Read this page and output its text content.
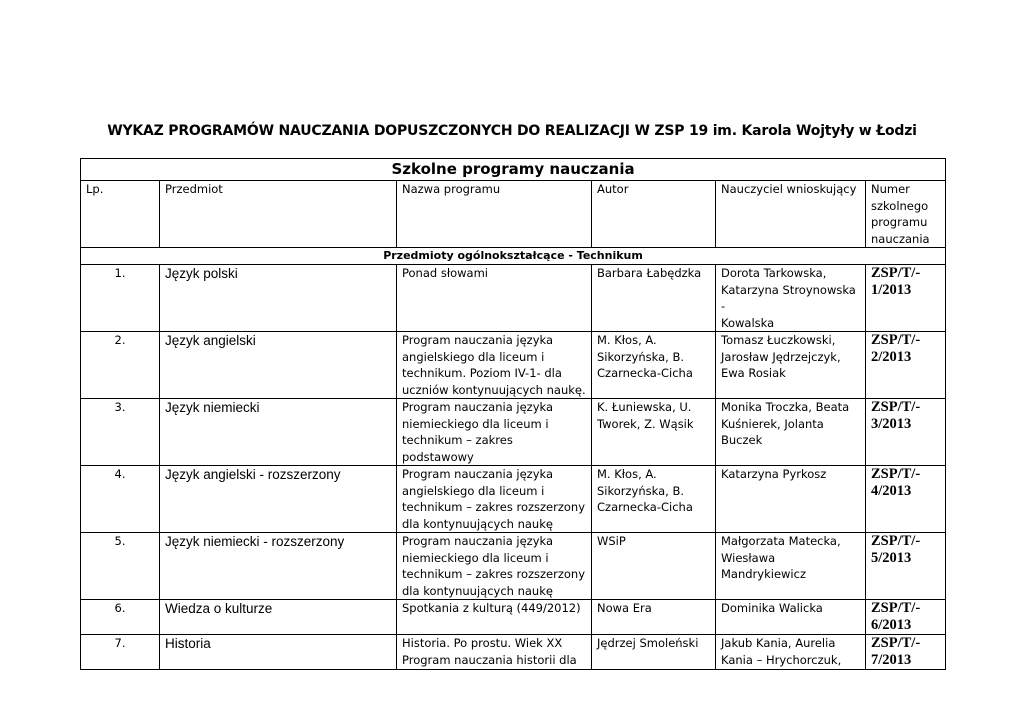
WYKAZ PROGRAMÓW NAUCZANIA DOPUSZCZONYCH DO REALIZACJI W ZSP 19 im. Karola Wojtyły w Łodzi
Szkolne programy nauczania					
Lp.	Przedmiot	Nazwa programu	Autor	Nauczyciel wnioskujący	Numer
szkolnego
programu
nauczania
Przedmioty ogólnokształcące - Technikum					
1.	Język polski	Ponad słowami	Barbara Łabędzka	Dorota Tarkowska,
Katarzyna Stroynowska -
Kowalska	ZSP/T/-
1/2013
2.	Język angielski	Program nauczania języka
angielskiego dla liceum i
technikum. Poziom IV-1- dla
uczniów kontynuujących naukę.	M. Kłos, A.
Sikorzyńska, B.
Czarnecka-Cicha	Tomasz Łuczkowski,
Jarosław Jędrzejczyk,
Ewa Rosiak	ZSP/T/-
2/2013
3.	Język niemiecki	Program nauczania języka
niemieckiego dla liceum i
technikum – zakres podstawowy	K. Łuniewska, U.
Tworek, Z. Wąsik	Monika Troczka, Beata
Kuśnierek, Jolanta
Buczek	ZSP/T/-
3/2013
4.	Język angielski - rozszerzony	Program nauczania języka
angielskiego dla liceum i
technikum – zakres rozszerzony
dla kontynuujących naukę	M. Kłos, A.
Sikorzyńska, B.
Czarnecka-Cicha	Katarzyna Pyrkosz	ZSP/T/-
4/2013
5.	Język niemiecki - rozszerzony	Program nauczania języka
niemieckiego dla liceum i
technikum – zakres rozszerzony
dla kontynuujących naukę	WSiP	Małgorzata Matecka,
Wiesława
Mandrykiewicz	ZSP/T/-
5/2013
6.	Wiedza o kulturze	Spotkania z kulturą (449/2012)	Nowa Era	Dominika Walicka	ZSP/T/-
6/2013
7.	Historia	Historia. Po prostu. Wiek XX
Program nauczania historii dla	Jędrzej Smoleński	Jakub Kania, Aurelia
Kania – Hrychorczuk,	ZSP/T/-
7/2013
